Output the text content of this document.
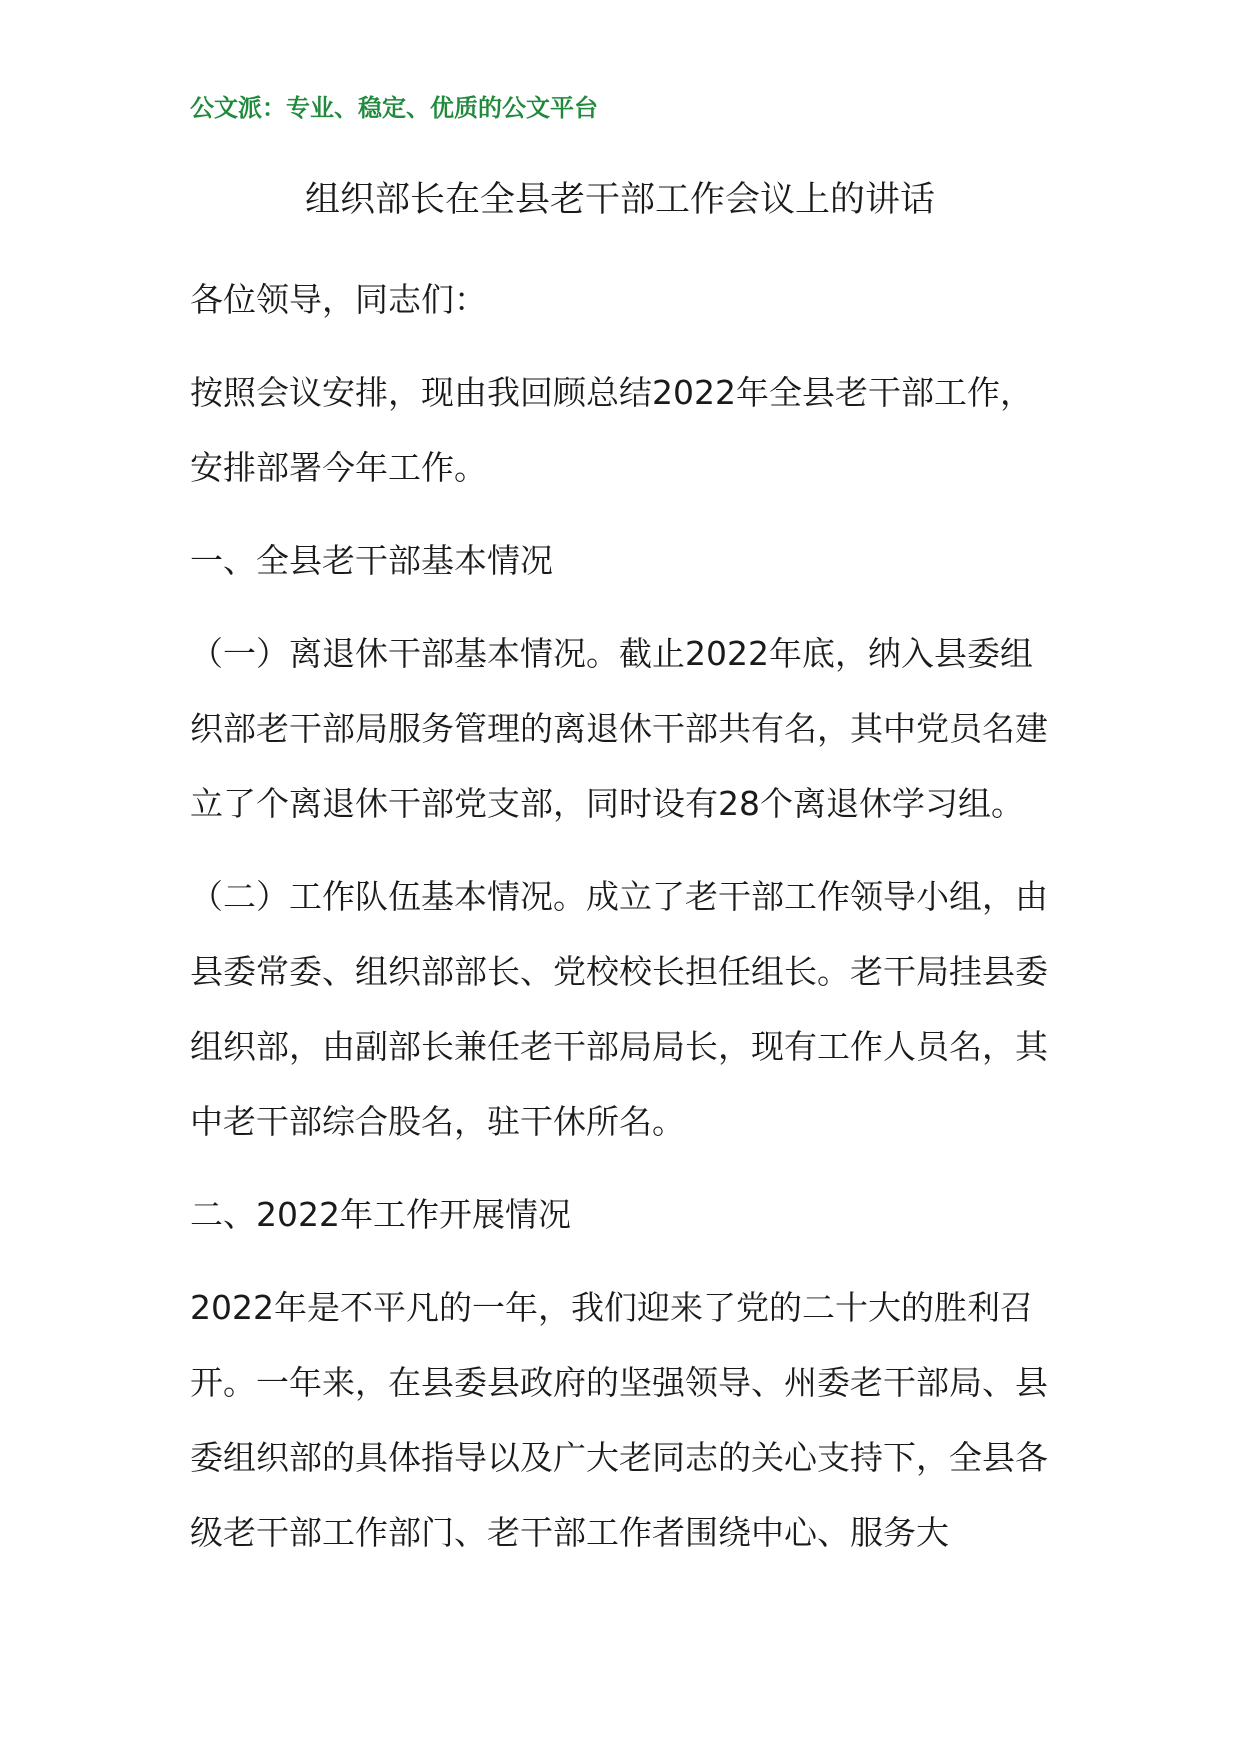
公文派：专业、稳定、优质的公文平台
组织部长在全县老干部工作会议上的讲话

各位领导，同志们：

按照会议安排，现由我回顾总结2022年全县老干部工作，安排部署今年工作。

一、全县老干部基本情况

（一）离退休干部基本情况。截止2022年底，纳入县委组织部老干部局服务管理的离退休干部共有名，其中党员名建立了个离退休干部党支部，同时设有28个离退休学习组。

（二）工作队伍基本情况。成立了老干部工作领导小组，由县委常委、组织部部长、党校校长担任组长。老干局挂县委组织部，由副部长兼任老干部局局长，现有工作人员名，其中老干部综合股名，驻干休所名。

二、2022年工作开展情况

2022年是不平凡的一年，我们迎来了党的二十大的胜利召开。一年来，在县委县政府的坚强领导、州委老干部局、县委组织部的具体指导以及广大老同志的关心支持下，全县各级老干部工作部门、老干部工作者围绕中心、服务大
